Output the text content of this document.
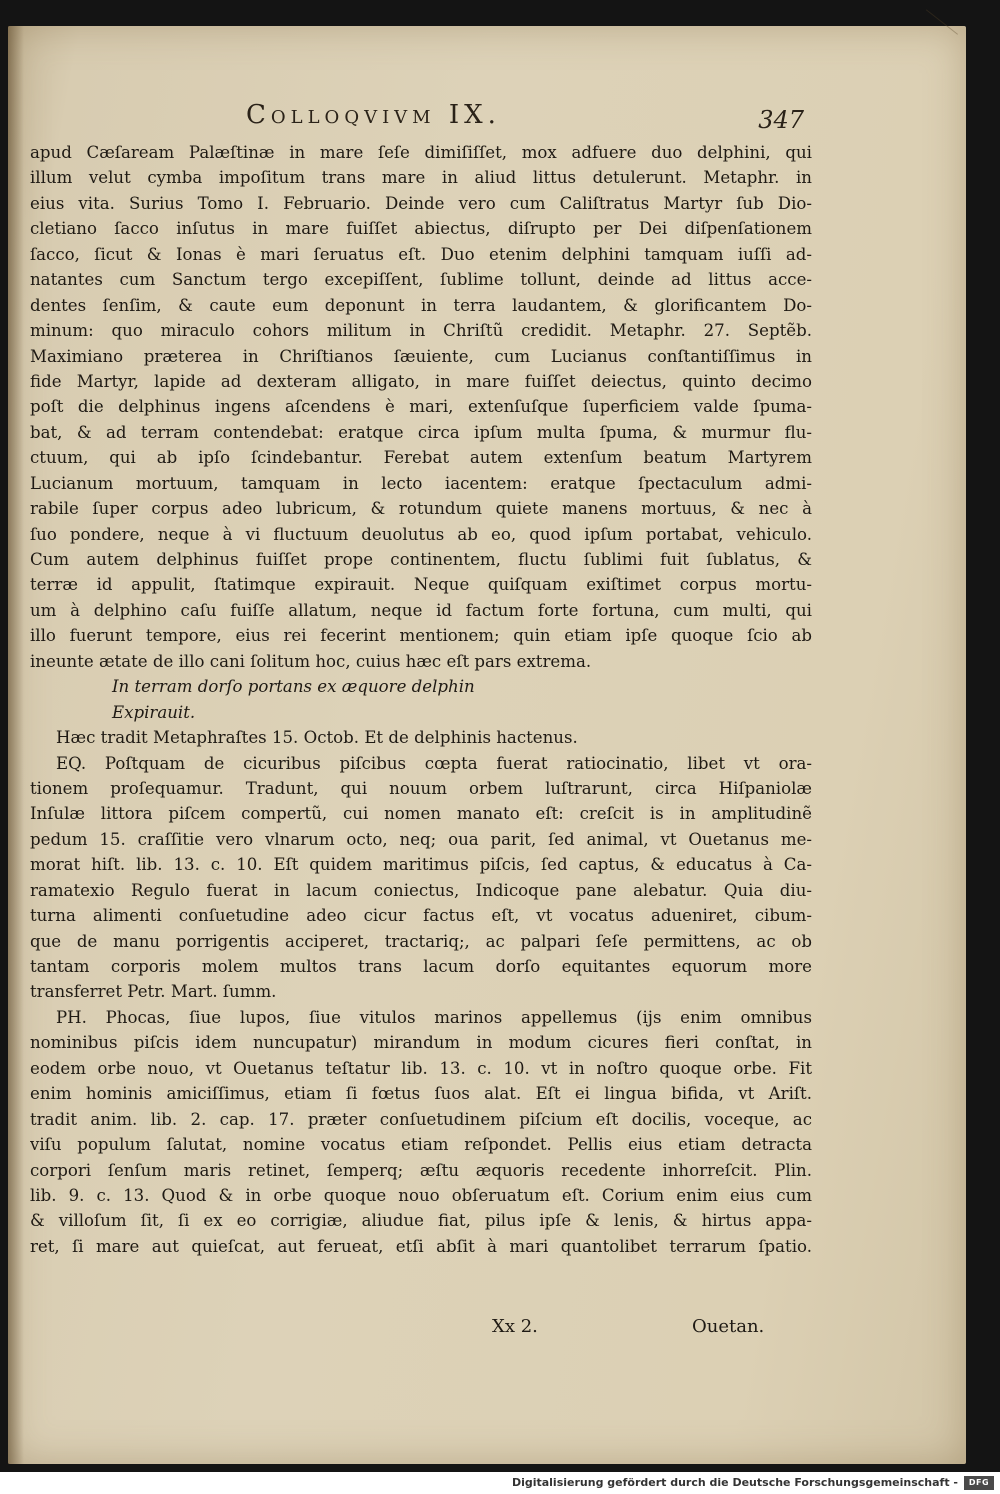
Colloqvivm IX.	347
apud Cæſaream Palæſtinæ in mare ſeſe dimiſiſſet, mox adfuere duo delphini, qui
illum velut cymba impoſitum trans mare in aliud littus detulerunt. Metaphr. in
eius vita. Surius Tomo I. Februario. Deinde vero cum Caliſtratus Martyr ſub Dio-
cletiano ſacco inſutus in mare fuiſſet abiectus, diſrupto per Dei diſpenſationem
ſacco, ſicut & Ionas è mari ſeruatus eſt. Duo etenim delphini tamquam iuſſi ad-
natantes cum Sanctum tergo excepiſſent, ſublime tollunt, deinde ad littus acce-
dentes ſenſim, & caute eum deponunt in terra laudantem, & glorificantem Do-
minum: quo miraculo cohors militum in Chriſtũ credidit. Metaphr. 27. Septẽb.
Maximiano præterea in Chriſtianos ſæuiente, cum Lucianus conſtantiſſimus in
fide Martyr, lapide ad dexteram alligato, in mare fuiſſet deiectus, quinto decimo
poſt die delphinus ingens aſcendens è mari, extenſuſque ſuperficiem valde ſpuma-
bat, & ad terram contendebat: eratque circa ipſum multa ſpuma, & murmur flu-
ctuum, qui ab ipſo ſcindebantur. Ferebat autem extenſum beatum Martyrem
Lucianum mortuum, tamquam in lecto iacentem: eratque ſpectaculum admi-
rabile ſuper corpus adeo lubricum, & rotundum quiete manens mortuus, & nec à
ſuo pondere, neque à vi fluctuum deuolutus ab eo, quod ipſum portabat, vehiculo.
Cum autem delphinus fuiſſet prope continentem, fluctu ſublimi fuit ſublatus, &
terræ id appulit, ſtatimque expirauit. Neque quiſquam exiſtimet corpus mortu-
um à delphino caſu fuiſſe allatum, neque id factum forte fortuna, cum multi, qui
illo fuerunt tempore, eius rei fecerint mentionem; quin etiam ipſe quoque ſcio ab
ineunte ætate de illo cani ſolitum hoc, cuius hæc eſt pars extrema.
In terram dorſo portans ex æquore delphin
Expirauit.
Hæc tradit Metaphraſtes 15. Octob. Et de delphinis hactenus.
EQ. Poſtquam de cicuribus piſcibus cœpta fuerat ratiocinatio, libet vt ora-
tionem proſequamur. Tradunt, qui nouum orbem luſtrarunt, circa Hiſpaniolæ
Inſulæ littora piſcem compertũ, cui nomen manato eſt: creſcit is in amplitudinẽ
pedum 15. craſſitie vero vlnarum octo, neq; oua parit, ſed animal, vt Ouetanus me-
morat hiſt. lib. 13. c. 10. Eſt quidem maritimus piſcis, ſed captus, & educatus à Ca-
ramatexio Regulo fuerat in lacum coniectus, Indicoque pane alebatur. Quia diu-
turna alimenti conſuetudine adeo cicur factus eſt, vt vocatus adueniret, cibum-
que de manu porrigentis acciperet, tractariq;, ac palpari ſeſe permittens, ac ob
tantam corporis molem multos trans lacum dorſo equitantes equorum more
transferret Petr. Mart. ſumm.
PH. Phocas, ſiue lupos, ſiue vitulos marinos appellemus (ijs enim omnibus
nominibus piſcis idem nuncupatur) mirandum in modum cicures fieri conſtat, in
eodem orbe nouo, vt Ouetanus teſtatur lib. 13. c. 10. vt in noſtro quoque orbe. Fit
enim hominis amiciſſimus, etiam ſi fœtus ſuos alat. Eſt ei lingua bifida, vt Ariſt.
tradit anim. lib. 2. cap. 17. præter conſuetudinem piſcium eſt docilis, voceque, ac
viſu populum ſalutat, nomine vocatus etiam reſpondet. Pellis eius etiam detracta
corpori ſenſum maris retinet, ſemperq; æſtu æquoris recedente inhorreſcit. Plin.
lib. 9. c. 13. Quod & in orbe quoque nouo obſeruatum eſt. Corium enim eius cum
& villoſum ſit, ſi ex eo corrigiæ, aliudue fiat, pilus ipſe & lenis, & hirtus appa-
ret, ſi mare aut quieſcat, aut ferueat, etſi abſit à mari quantolibet terrarum ſpatio.
Xx 2.	Ouetan.
Digitalisierung gefördert durch die Deutsche Forschungsgemeinschaft -	DFG
